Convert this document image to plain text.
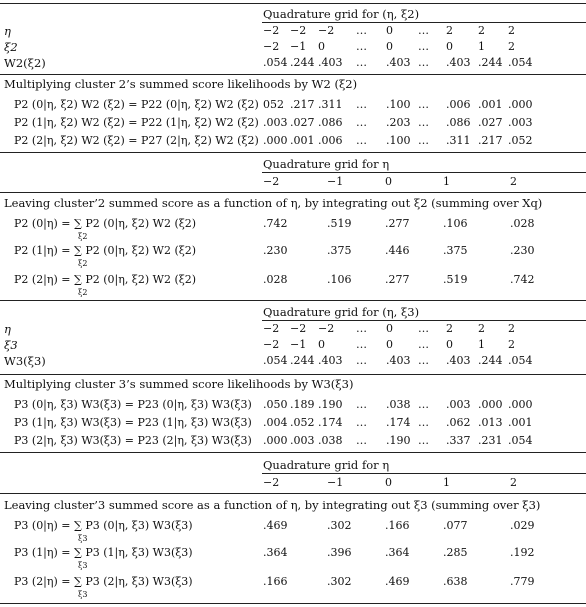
Quadrature grid for (η, ξ2)
η
ξ2
W2(ξ2)
−2 −2 −2 … 0 … 2 2 2
−2 −1 0	… 0 … 0 1 2
.054 .244 .403 … .403 … .403 .244 .054
Multiplying cluster 2’s summed score likelihoods by W2 (ξ2)
P2 (0|η, ξ2) W2 (ξ2) = P22 (0|η, ξ2) W2 (ξ2) 052 .217 .311 … .100 … .006 .001 .000
P2 (1|η, ξ2) W2 (ξ2) = P22 (1|η, ξ2) W2 (ξ2) .003 .027 .086 … .203 … .086 .027 .003
P2 (2|η, ξ2) W2 (ξ2) = P27 (2|η, ξ2) W2 (ξ2) .000 .001 .006 … .100 … .311 .217 .052
Quadrature grid for η
−2	−1	0	1	2
Leaving cluster’2 summed score as a function of η, by integrating out ξ2 (summing over Xq)
P2 (0|η) = ∑ P2 (0|η, ξ2) W2 (ξ2)
ξ2
.742	.519	.277	.106	.028
P2 (1|η) = ∑ P2 (0|η, ξ2) W2 (ξ2)
ξ2
.230	.375	.446	.375	.230
P2 (2|η) = ∑ P2 (0|η, ξ2) W2 (ξ2)
ξ2
.028	.106	.277	.519	.742
Quadrature grid for (η, ξ3)
η
ξ3
W3(ξ3)
−2 −2 −2 … 0 … 2 2 2
−2 −1 0	… 0 … 0 1 2
.054 .244 .403 … .403 … .403 .244 .054
Multiplying cluster 3’s summed score likelihoods by W3(ξ3)
P3 (0|η, ξ3) W3(ξ3) = P23 (0|η, ξ3) W3(ξ3) .050 .189 .190 … .038 … .003 .000 .000
P3 (1|η, ξ3) W3(ξ3) = P23 (1|η, ξ3) W3(ξ3) .004 .052 .174 … .174 … .062 .013 .001
P3 (2|η, ξ3) W3(ξ3) = P23 (2|η, ξ3) W3(ξ3) .000 .003 .038 … .190 … .337 .231 .054
Quadrature grid for η
−2	−1	0	1	2
Leaving cluster’3 summed score as a function of η, by integrating out ξ3 (summing over ξ3)
P3 (0|η) = ∑ P3 (0|η, ξ3) W3(ξ3)
ξ3
.469	.302	.166	.077	.029
P3 (1|η) = ∑ P3 (1|η, ξ3) W3(ξ3)
ξ3
.364	.396	.364	.285	.192
P3 (2|η) = ∑ P3 (2|η, ξ3) W3(ξ3)
ξ3
.166	.302	.469	.638	.779
